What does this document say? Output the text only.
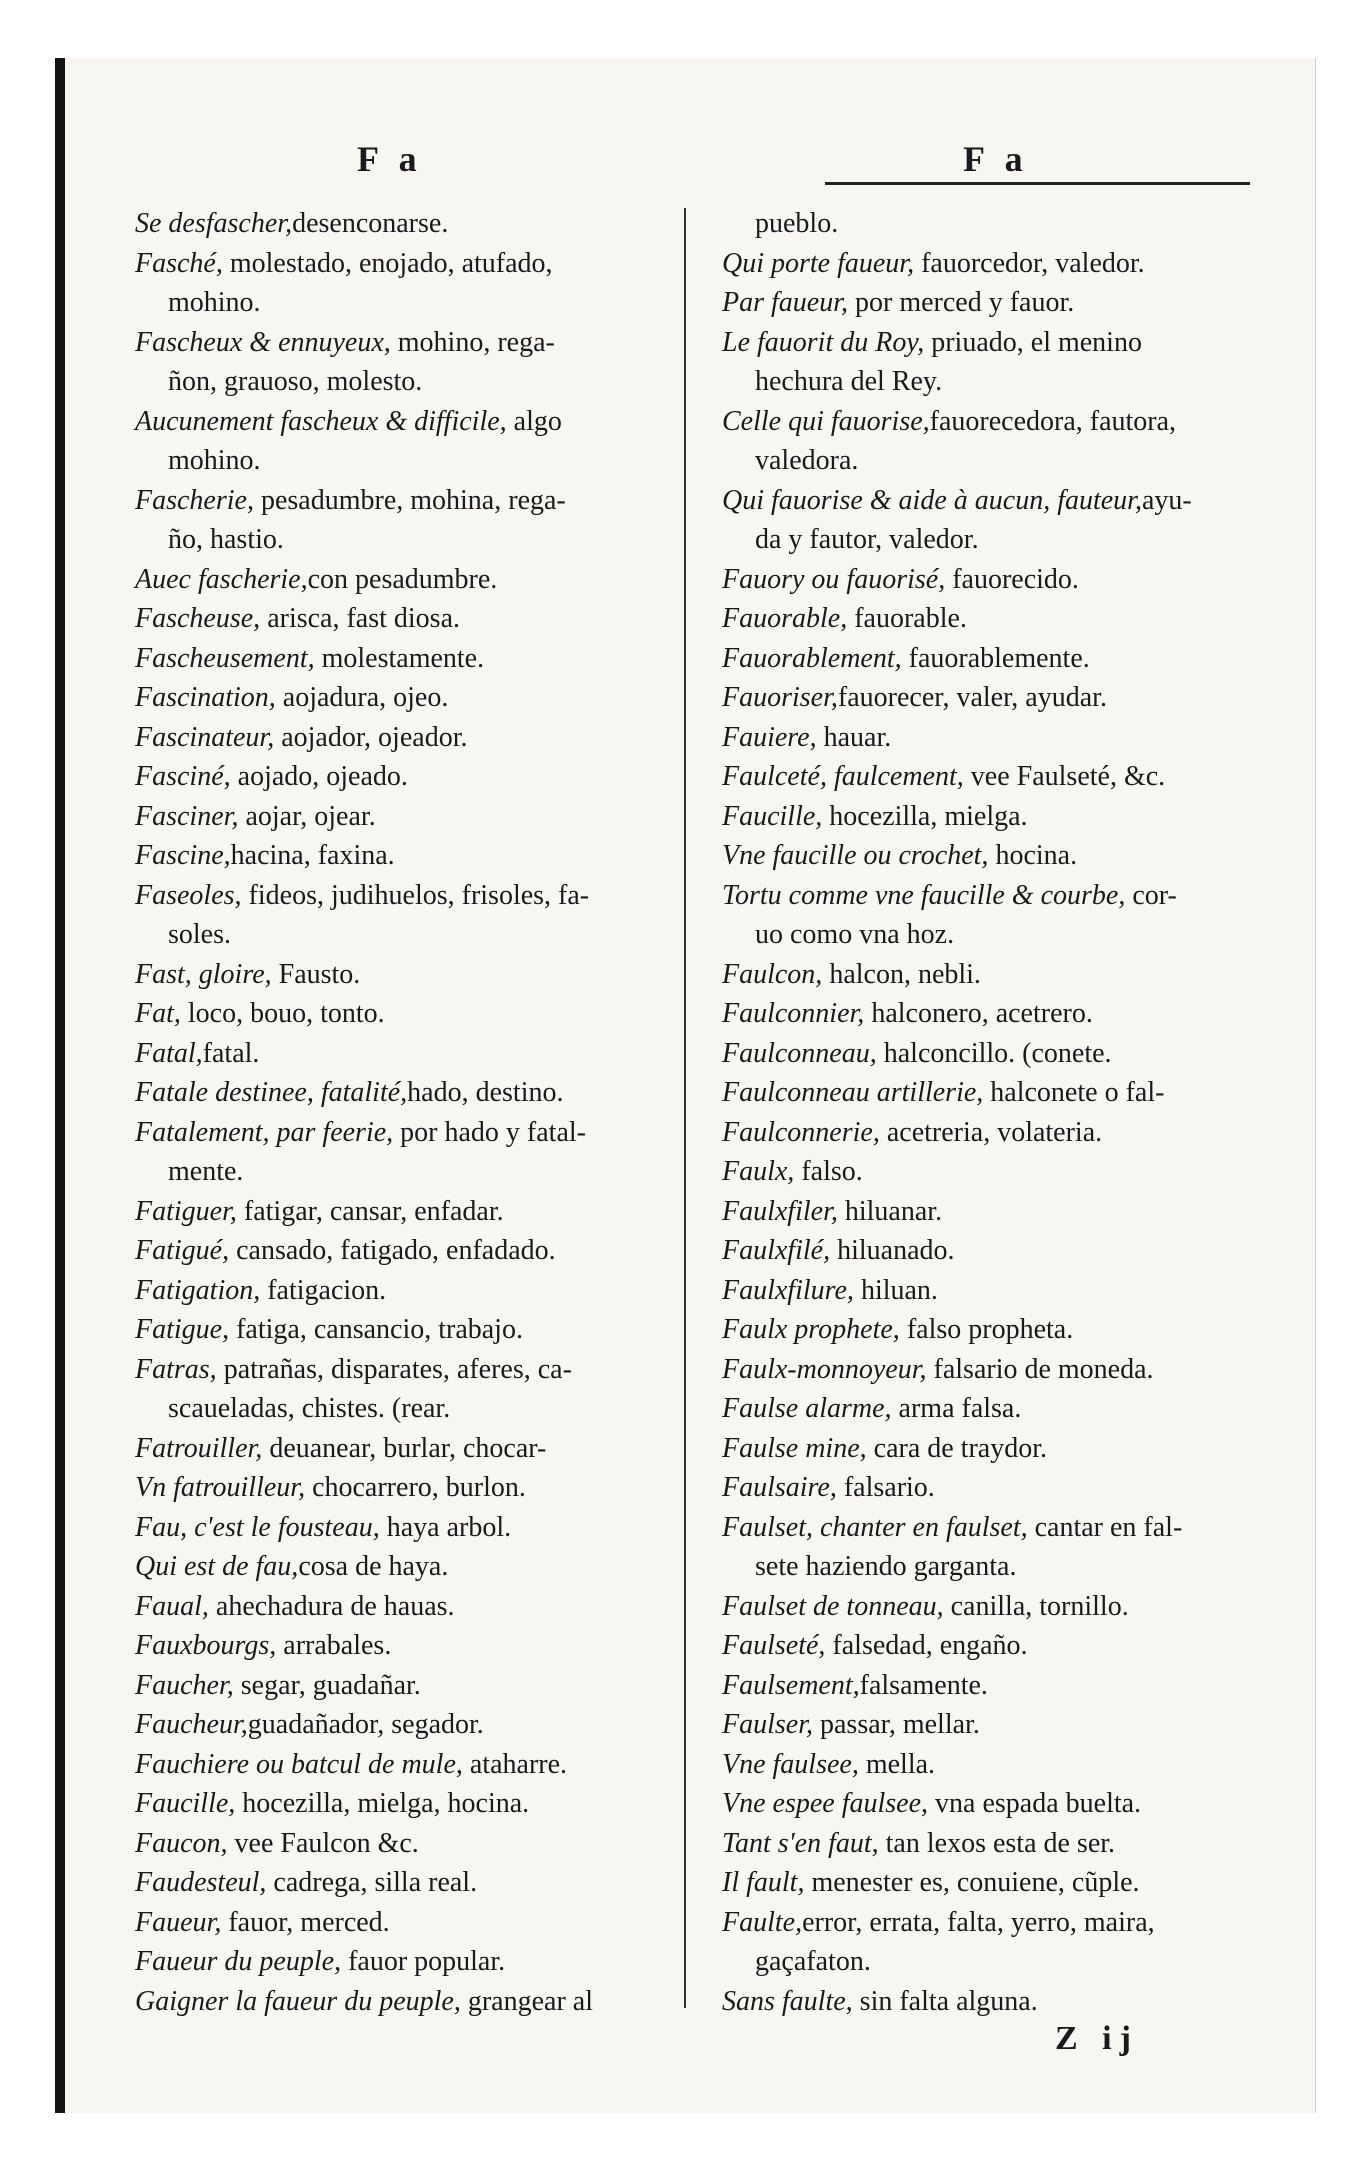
F a	F a
Se desfascher,desenconarse.
Fasché, molestado, enojado, atufado,
mohino.
Fascheux & ennuyeux, mohino, rega-
ñon, grauoso, molesto.
Aucunement fascheux & difficile, algo
mohino.
Fascherie, pesadumbre, mohina, rega-
ño, hastio.
Auec fascherie,con pesadumbre.
Fascheuse, arisca, fast diosa.
Fascheusement, molestamente.
Fascination, aojadura, ojeo.
Fascinateur, aojador, ojeador.
Fasciné, aojado, ojeado.
Fasciner, aojar, ojear.
Fascine,hacina, faxina.
Faseoles, fideos, judihuelos, frisoles, fa-
soles.
Fast, gloire, Fausto.
Fat, loco, bouo, tonto.
Fatal,fatal.
Fatale destinee, fatalité,hado, destino.
Fatalement, par feerie, por hado y fatal-
mente.
Fatiguer, fatigar, cansar, enfadar.
Fatigué, cansado, fatigado, enfadado.
Fatigation, fatigacion.
Fatigue, fatiga, cansancio, trabajo.
Fatras, patrañas, disparates, aferes, ca-
scaueladas, chistes. (rear.
Fatrouiller, deuanear, burlar, chocar-
Vn fatrouilleur, chocarrero, burlon.
Fau, c'est le fousteau, haya arbol.
Qui est de fau,cosa de haya.
Faual, ahechadura de hauas.
Fauxbourgs, arrabales.
Faucher, segar, guadañar.
Faucheur,guadañador, segador.
Fauchiere ou batcul de mule, ataharre.
Faucille, hocezilla, mielga, hocina.
Faucon, vee Faulcon &c.
Faudesteul, cadrega, silla real.
Faueur, fauor, merced.
Faueur du peuple, fauor popular.
Gaigner la faueur du peuple, grangear al
pueblo.
Qui porte faueur, fauorcedor, valedor.
Par faueur, por merced y fauor.
Le fauorit du Roy, priuado, el menino
hechura del Rey.
Celle qui fauorise,fauorecedora, fautora,
valedora.
Qui fauorise & aide à aucun, fauteur,ayu-
da y fautor, valedor.
Fauory ou fauorisé, fauorecido.
Fauorable, fauorable.
Fauorablement, fauorablemente.
Fauoriser,fauorecer, valer, ayudar.
Fauiere, hauar.
Faulceté, faulcement, vee Faulseté, &c.
Faucille, hocezilla, mielga.
Vne faucille ou crochet, hocina.
Tortu comme vne faucille & courbe, cor-
uo como vna hoz.
Faulcon, halcon, nebli.
Faulconnier, halconero, acetrero.
Faulconneau, halconcillo. (conete.
Faulconneau artillerie, halconete o fal-
Faulconnerie, acetreria, volateria.
Faulx, falso.
Faulxfiler, hiluanar.
Faulxfilé, hiluanado.
Faulxfilure, hiluan.
Faulx prophete, falso propheta.
Faulx-monnoyeur, falsario de moneda.
Faulse alarme, arma falsa.
Faulse mine, cara de traydor.
Faulsaire, falsario.
Faulset, chanter en faulset, cantar en fal-
sete haziendo garganta.
Faulset de tonneau, canilla, tornillo.
Faulseté, falsedad, engaño.
Faulsement,falsamente.
Faulser, passar, mellar.
Vne faulsee, mella.
Vne espee faulsee, vna espada buelta.
Tant s'en faut, tan lexos esta de ser.
Il fault, menester es, conuiene, cũple.
Faulte,error, errata, falta, yerro, maira,
gaçafaton.
Sans faulte, sin falta alguna.
Z ij
